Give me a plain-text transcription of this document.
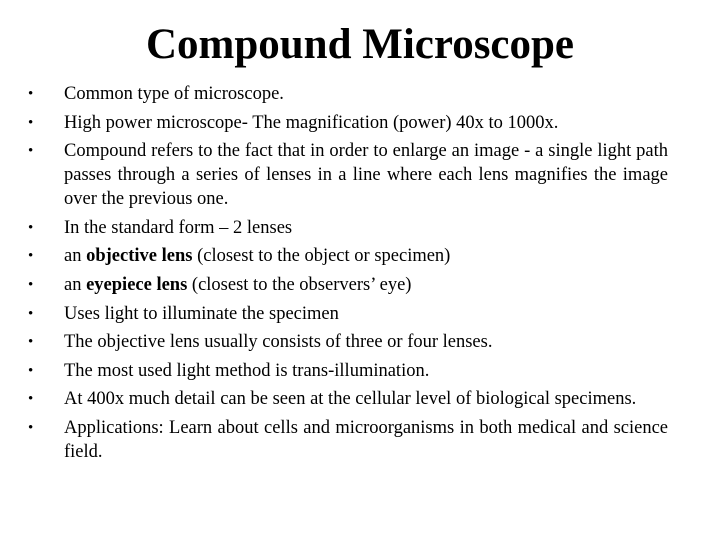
Compound Microscope
•	Common type of microscope.
•	High power microscope- The magnification (power) 40x to 1000x.
•	Compound refers to the fact that in order to enlarge an image - a single light path passes through a series of lenses in a line where each lens magnifies the image over the previous one.
•	In the standard form – 2 lenses
•	an objective lens (closest to the object or specimen)
•	an eyepiece lens (closest to the observers’ eye)
•	Uses light to illuminate the specimen
•	The objective lens usually consists of three or four lenses.
•	The most used light method is trans-illumination.
•	At 400x much detail can be seen at the cellular level of biological specimens.
•	Applications: Learn about cells and microorganisms in both medical and science field.
